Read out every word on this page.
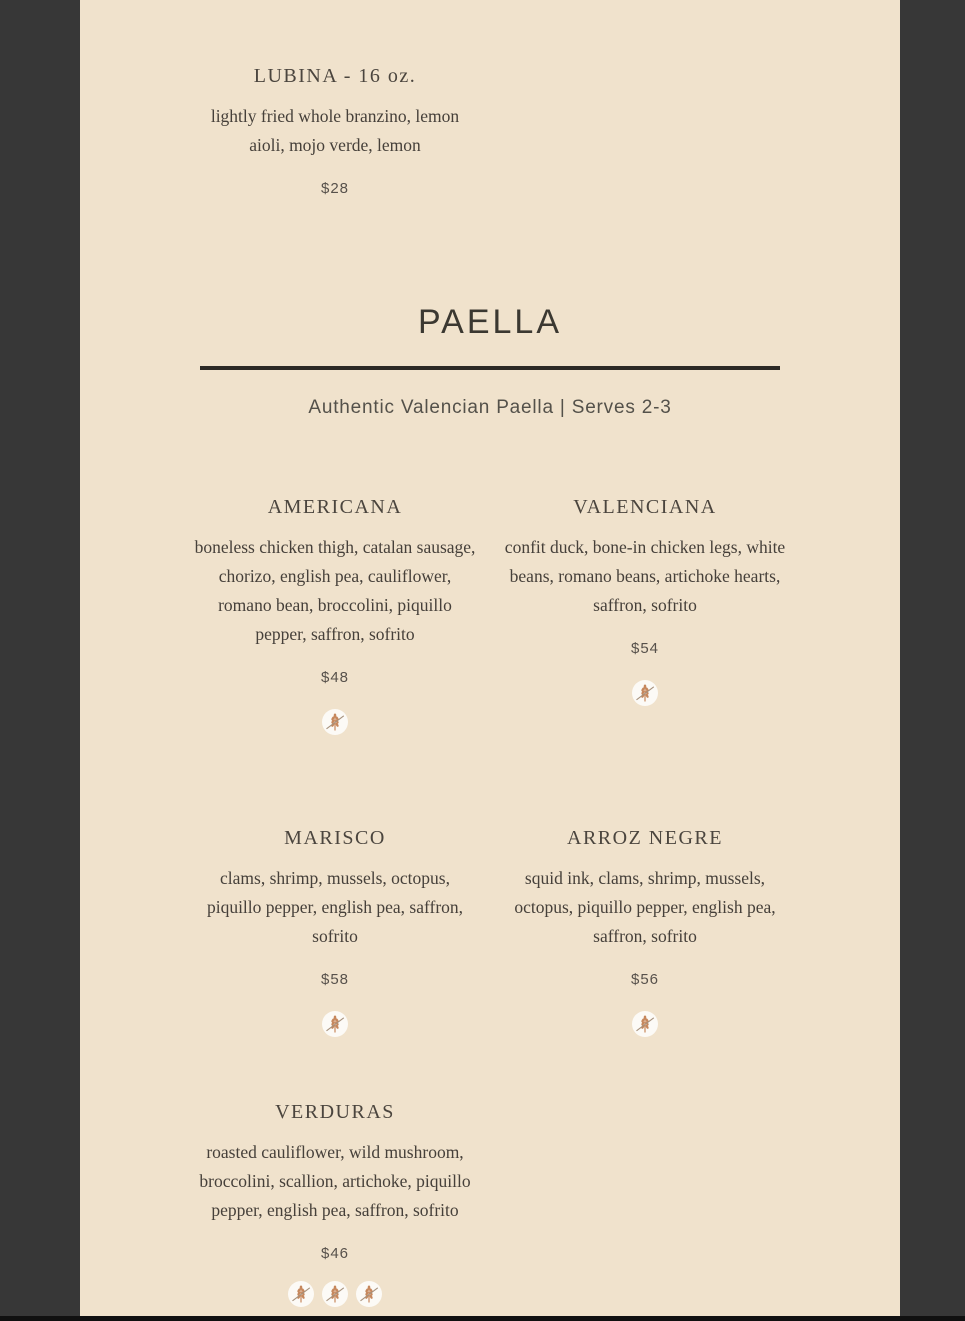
LUBINA - 16 oz.
lightly fried whole branzino, lemon aioli, mojo verde, lemon
$28
PAELLA
Authentic Valencian Paella | Serves 2-3
AMERICANA
boneless chicken thigh, catalan sausage, chorizo, english pea, cauliflower, romano bean, broccolini, piquillo pepper, saffron, sofrito
$48
VALENCIANA
confit duck, bone-in chicken legs, white beans, romano beans, artichoke hearts, saffron, sofrito
$54
MARISCO
clams, shrimp, mussels, octopus, piquillo pepper, english pea, saffron, sofrito
$58
ARROZ NEGRE
squid ink, clams, shrimp, mussels, octopus, piquillo pepper, english pea, saffron, sofrito
$56
VERDURAS
roasted cauliflower, wild mushroom, broccolini, scallion, artichoke, piquillo pepper, english pea, saffron, sofrito
$46
